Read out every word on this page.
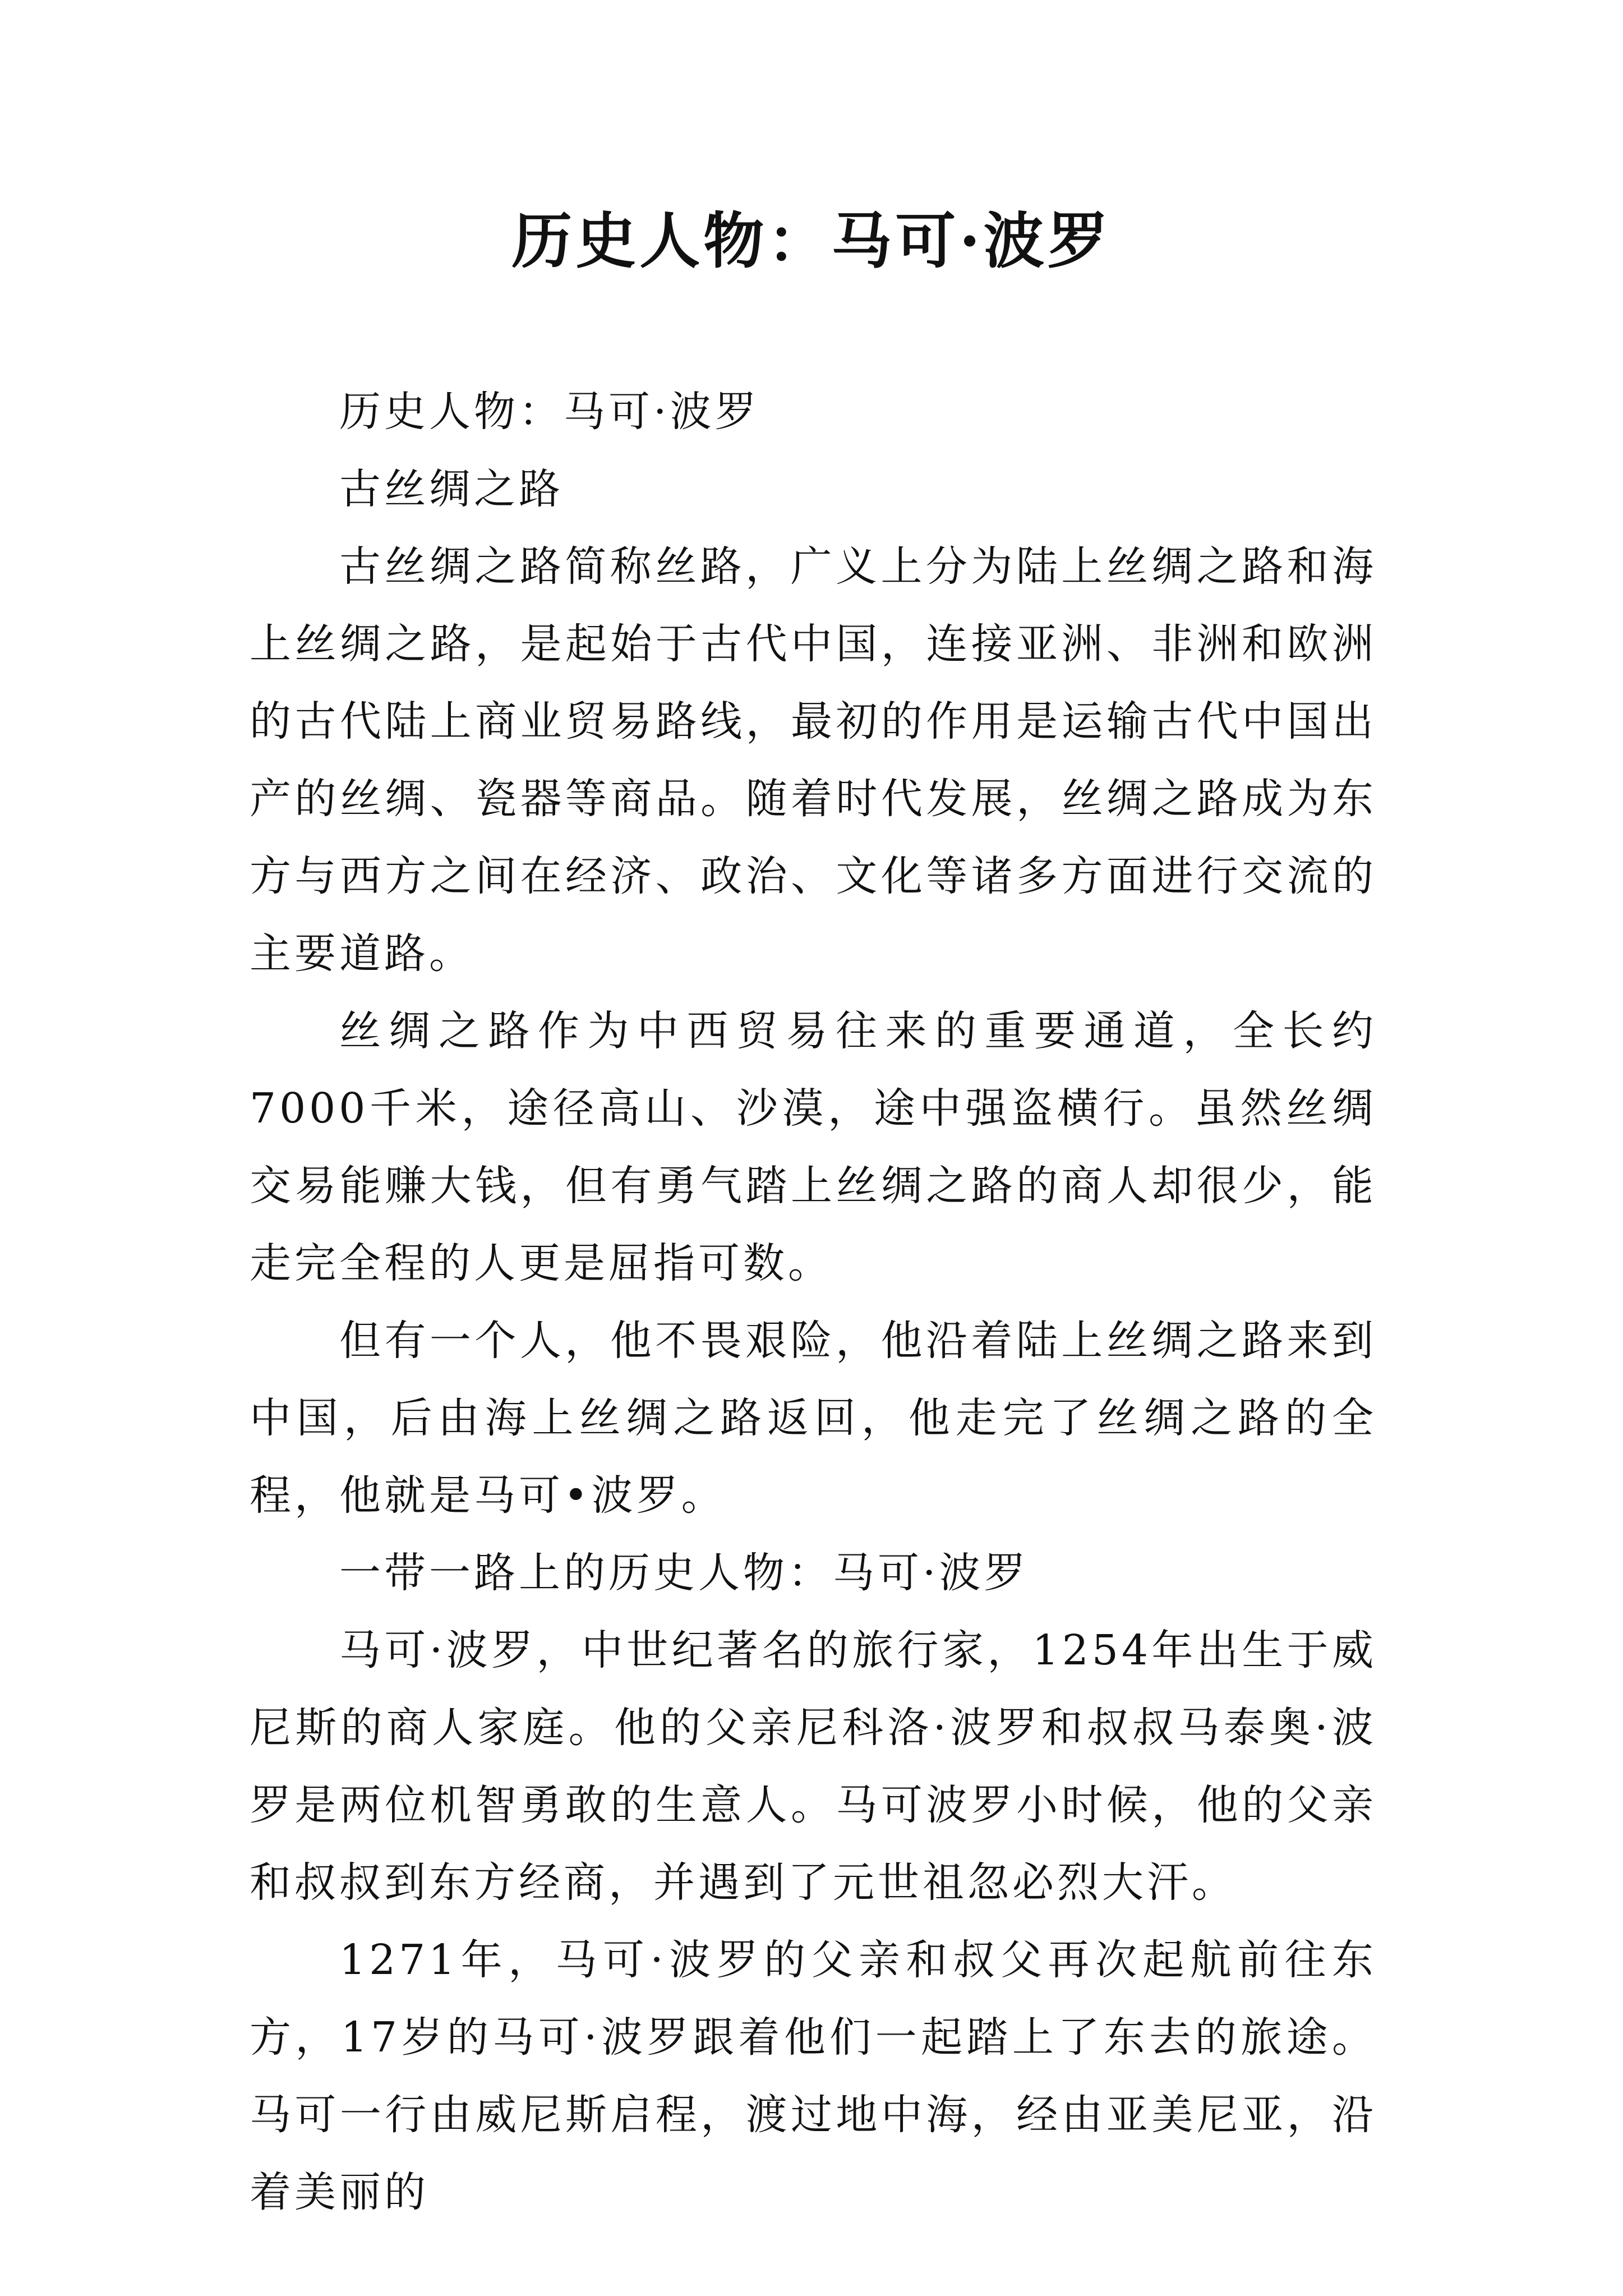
历史人物：马可·波罗

历史人物：马可·波罗

古丝绸之路

古丝绸之路简称丝路，广义上分为陆上丝绸之路和海上丝绸之路，是起始于古代中国，连接亚洲、非洲和欧洲的古代陆上商业贸易路线，最初的作用是运输古代中国出产的丝绸、瓷器等商品。随着时代发展，丝绸之路成为东方与西方之间在经济、政治、文化等诸多方面进行交流的主要道路。

丝绸之路作为中西贸易往来的重要通道，全长约7000千米，途径高山、沙漠，途中强盗横行。虽然丝绸交易能赚大钱，但有勇气踏上丝绸之路的商人却很少，能走完全程的人更是屈指可数。

但有一个人，他不畏艰险，他沿着陆上丝绸之路来到中国，后由海上丝绸之路返回，他走完了丝绸之路的全程，他就是马可•波罗。

一带一路上的历史人物：马可·波罗

马可·波罗，中世纪著名的旅行家，1254年出生于威尼斯的商人家庭。他的父亲尼科洛·波罗和叔叔马泰奥·波罗是两位机智勇敢的生意人。马可波罗小时候，他的父亲和叔叔到东方经商，并遇到了元世祖忽必烈大汗。

1271年，马可·波罗的父亲和叔父再次起航前往东方，17岁的马可·波罗跟着他们一起踏上了东去的旅途。马可一行由威尼斯启程，渡过地中海，经由亚美尼亚，沿着美丽的
